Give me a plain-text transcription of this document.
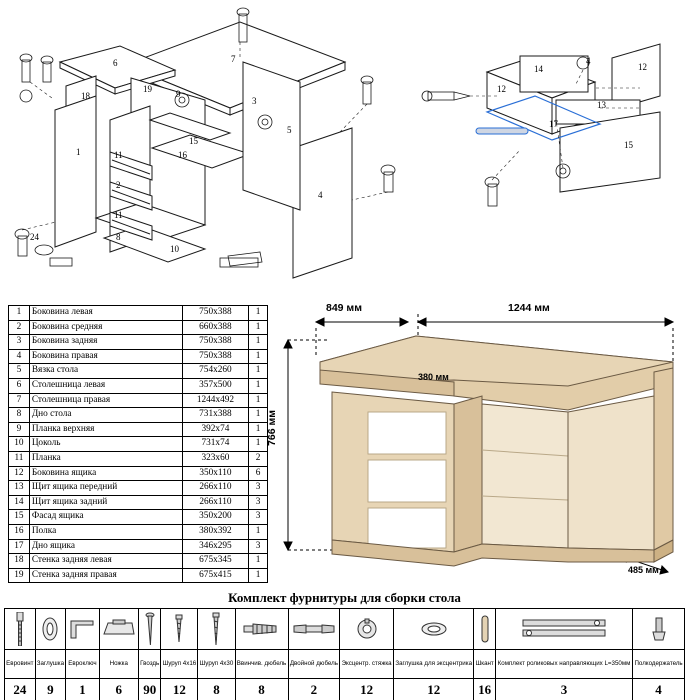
6	7
18
19	9
3
5
1	11
2
11
16
15
8
10
4
24
12
14	12
13
17
15
4
1	Боковина левая	750x388	1
2	Боковина средняя	660x388	1
3	Боковина задняя	750x388	1
4	Боковина правая	750x388	1
5	Вязка стола	754x260	1
6	Столешница левая	357x500	1
7	Столешница правая	1244x492	1
8	Дно стола	731x388	1
9	Планка верхняя	392x74	1
10	Цоколь	731x74	1
11	Планка	323x60	2
12	Боковина ящика	350х110	6
13	Щит ящика передний	266х110	3
14	Щит ящика задний	266х110	3
15	Фасад ящика	350x200	3
16	Полка	380х392	1
17	Дно ящика	346х295	3
18	Стенка задняя левая	675х345	1
19	Стенка задняя правая	675х415	1
1244 мм
849 мм
766 мм
380 мм
485 мм
Комплект фурнитуры для сборки стола

Евровинт	Заглушка	Евроключ	Ножка	Гвоздь	Шуруп 4х16	Шуруп 4х30	Ввинчив. дюбель	Двойной дюбель	Эксцентр. стяжка	Заглушка для эксцентрика	Шкант	Комплект роликовых направляющих L=350мм	Полкодержатель
24	9	1	6	90	12	8	8	2	12	12	16	3	4
